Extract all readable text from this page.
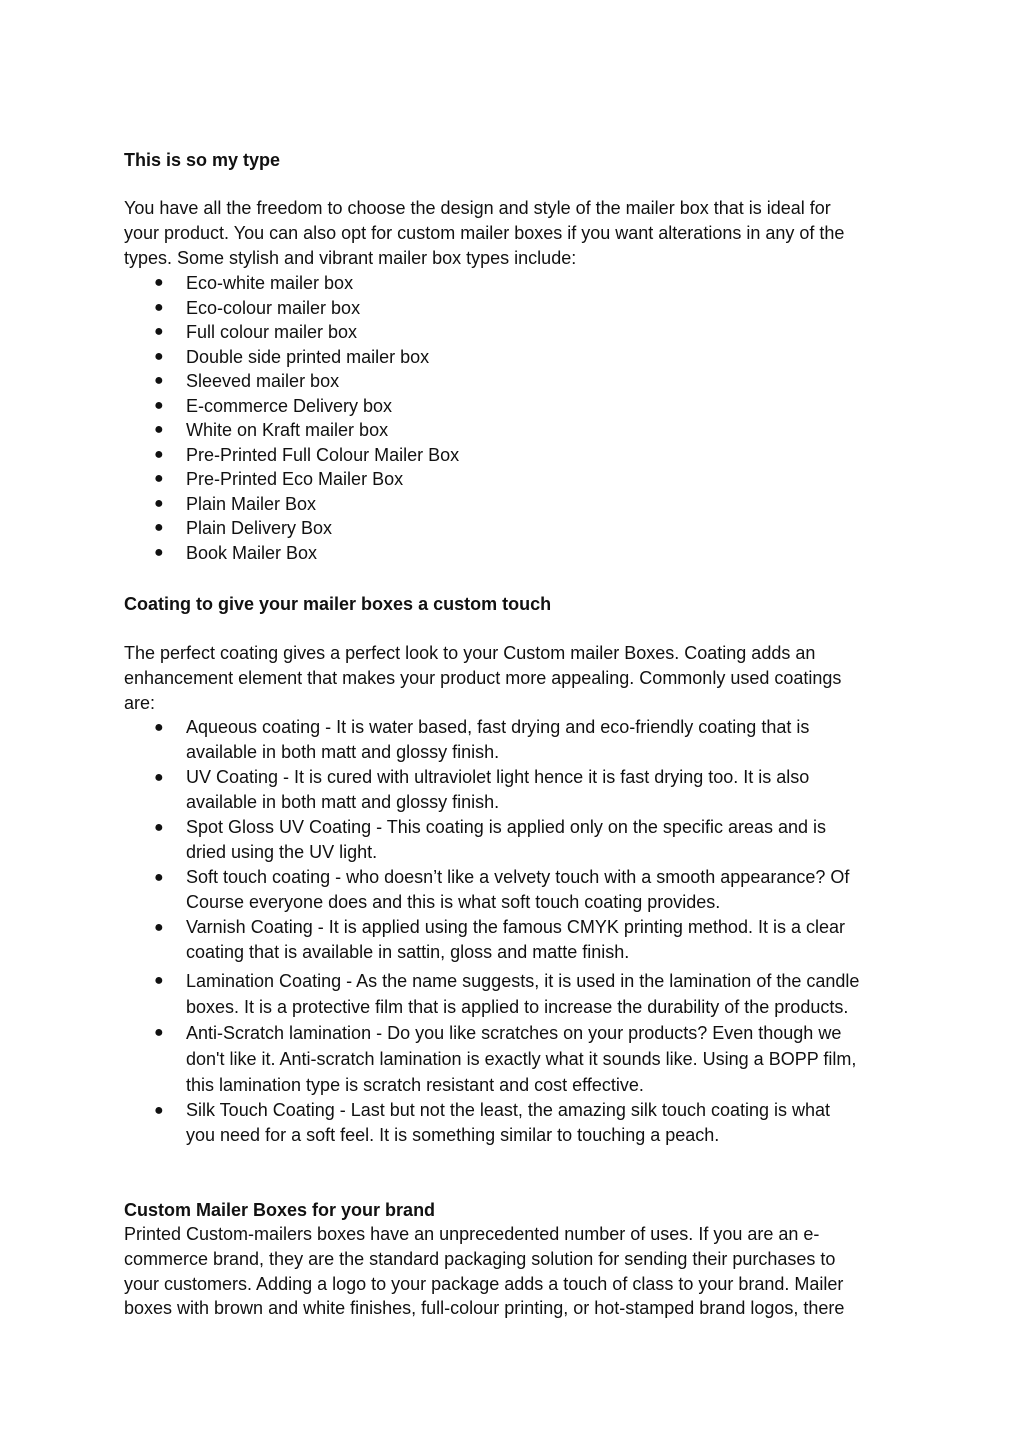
This is so my type
You have all the freedom to choose the design and style of the mailer box that is ideal for
your product. You can also opt for custom mailer boxes if you want alterations in any of the
types. Some stylish and vibrant mailer box types include:
● Eco-white mailer box
● Eco-colour mailer box
● Full colour mailer box
● Double side printed mailer box
● Sleeved mailer box
● E-commerce Delivery box
● White on Kraft mailer box
● Pre-Printed Full Colour Mailer Box
● Pre-Printed Eco Mailer Box
● Plain Mailer Box
● Plain Delivery Box
● Book Mailer Box
Coating to give your mailer boxes a custom touch
The perfect coating gives a perfect look to your Custom mailer Boxes. Coating adds an
enhancement element that makes your product more appealing. Commonly used coatings
are:
● Aqueous coating - It is water based, fast drying and eco-friendly coating that is
available in both matt and glossy finish.
● UV Coating - It is cured with ultraviolet light hence it is fast drying too. It is also
available in both matt and glossy finish.
● Spot Gloss UV Coating - This coating is applied only on the specific areas and is
dried using the UV light.
● Soft touch coating - who doesn’t like a velvety touch with a smooth appearance? Of
Course everyone does and this is what soft touch coating provides.
● Varnish Coating - It is applied using the famous CMYK printing method. It is a clear
coating that is available in sattin, gloss and matte finish.
● Lamination Coating - As the name suggests, it is used in the lamination of the candle
boxes. It is a protective film that is applied to increase the durability of the products.
● Anti-Scratch lamination - Do you like scratches on your products? Even though we
don't like it. Anti-scratch lamination is exactly what it sounds like. Using a BOPP film,
this lamination type is scratch resistant and cost effective.
● Silk Touch Coating - Last but not the least, the amazing silk touch coating is what
you need for a soft feel. It is something similar to touching a peach.
Custom Mailer Boxes for your brand
Printed Custom-mailers boxes have an unprecedented number of uses. If you are an e-
commerce brand, they are the standard packaging solution for sending their purchases to
your customers. Adding a logo to your package adds a touch of class to your brand. Mailer
boxes with brown and white finishes, full-colour printing, or hot-stamped brand logos, there
